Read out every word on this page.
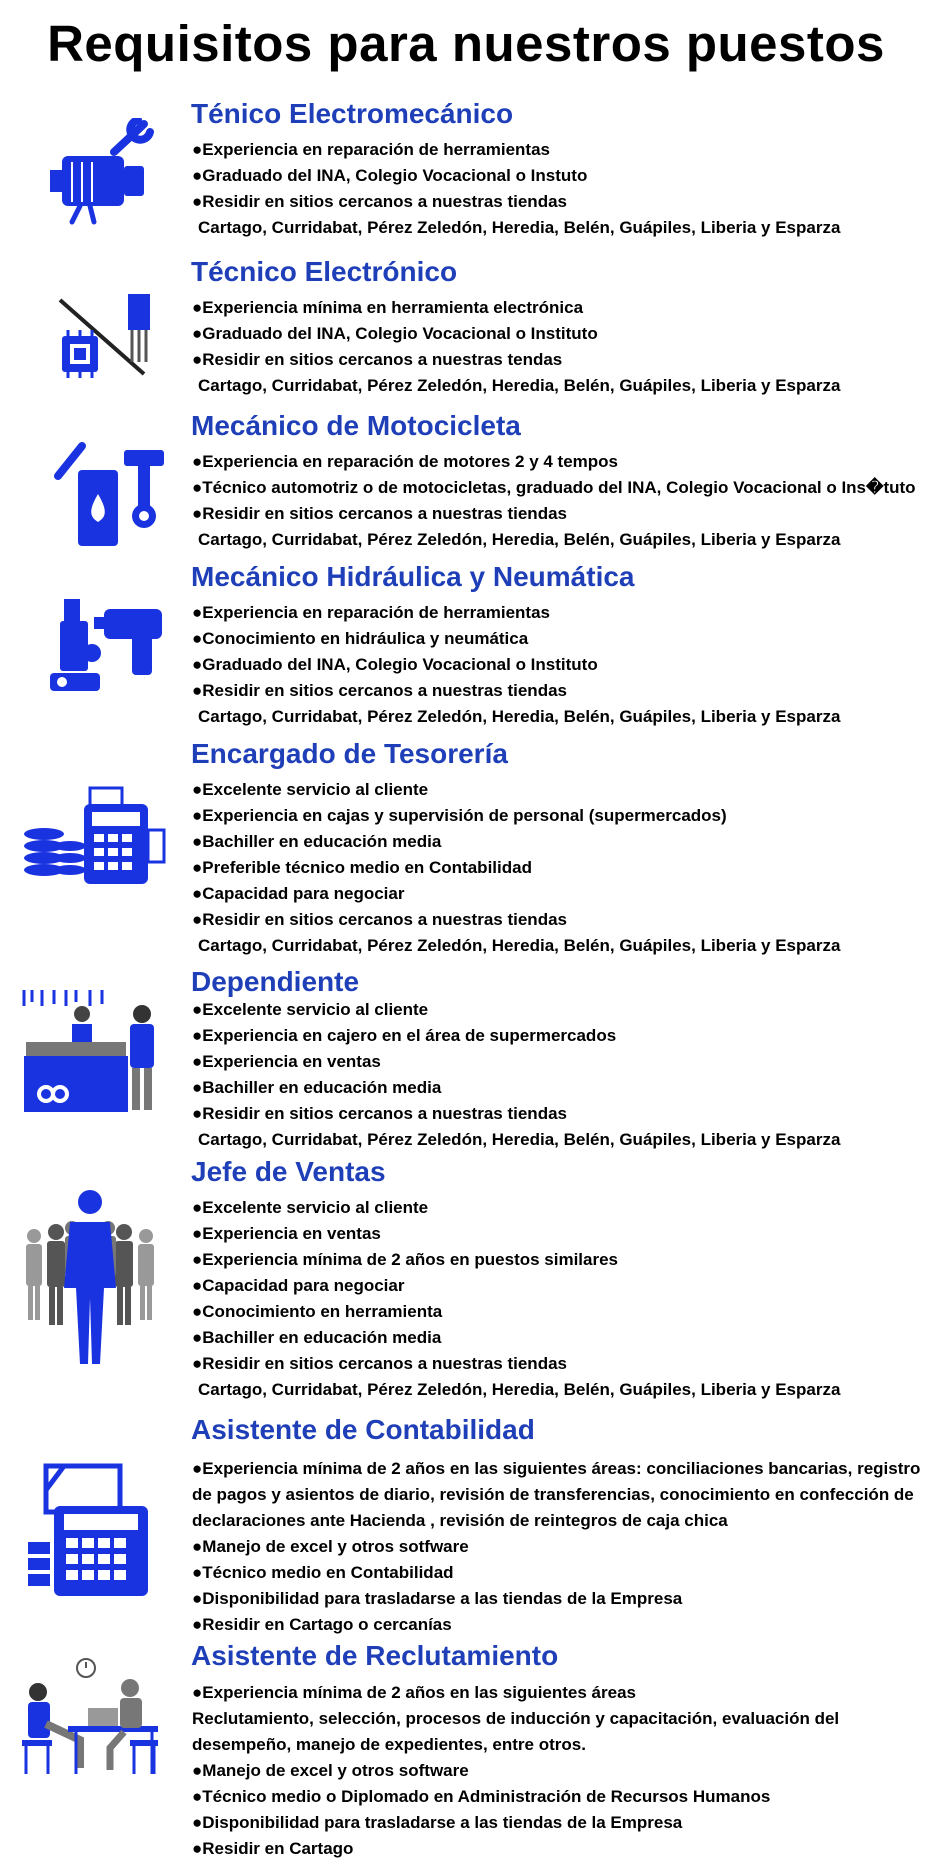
Requisitos para nuestros puestos
Ténico Electromecánico
●Experiencia en reparación de herramientas
●Graduado del INA, Colegio Vocacional o Instuto
●Residir en sitios cercanos a nuestras tiendas
Cartago, Curridabat, Pérez Zeledón, Heredia, Belén, Guápiles, Liberia y Esparza
Técnico Electrónico
●Experiencia mínima en herramienta electrónica
●Graduado del INA, Colegio Vocacional o Instituto
●Residir en sitios cercanos a nuestras tendas
Cartago, Curridabat, Pérez Zeledón, Heredia, Belén, Guápiles, Liberia y Esparza
Mecánico de Motocicleta
●Experiencia en reparación de motores 2 y 4 tempos
●Técnico automotriz o de motocicletas, graduado del INA, Colegio Vocacional o Ins�tuto
●Residir en sitios cercanos a nuestras tiendas
Cartago, Curridabat, Pérez Zeledón, Heredia, Belén, Guápiles, Liberia y Esparza
Mecánico Hidráulica y Neumática
●Experiencia en reparación de herramientas
●Conocimiento en hidráulica y neumática
●Graduado del INA, Colegio Vocacional o Instituto
●Residir en sitios cercanos a nuestras tiendas
Cartago, Curridabat, Pérez Zeledón, Heredia, Belén, Guápiles, Liberia y Esparza
Encargado de Tesorería
●Excelente servicio al cliente
●Experiencia en cajas y supervisión de personal (supermercados)
●Bachiller en educación media
●Preferible técnico medio en Contabilidad
●Capacidad para negociar
●Residir en sitios cercanos a nuestras tiendas
Cartago, Curridabat, Pérez Zeledón, Heredia, Belén, Guápiles, Liberia y Esparza
Dependiente
●Excelente servicio al cliente
●Experiencia en cajero en el área de supermercados
●Experiencia en ventas
●Bachiller en educación media
●Residir en sitios cercanos a nuestras tiendas
Cartago, Curridabat, Pérez Zeledón, Heredia, Belén, Guápiles, Liberia y Esparza
Jefe de Ventas
●Excelente servicio al cliente
●Experiencia en ventas
●Experiencia mínima de 2 años en puestos similares
●Capacidad para negociar
●Conocimiento en herramienta
●Bachiller en educación media
●Residir en sitios cercanos a nuestras tiendas
Cartago, Curridabat, Pérez Zeledón, Heredia, Belén, Guápiles, Liberia y Esparza
Asistente de Contabilidad
●Experiencia mínima de 2 años en las siguientes áreas: conciliaciones bancarias, registro de pagos y asientos de diario, revisión de transferencias, conocimiento en confección de declaraciones ante Hacienda , revisión de reintegros de caja chica
●Manejo de excel y otros sotfware
●Técnico medio en Contabilidad
●Disponibilidad para trasladarse a las tiendas de la Empresa
●Residir en Cartago o cercanías
Asistente de Reclutamiento
●Experiencia mínima de 2 años en las siguientes áreas
Reclutamiento, selección, procesos de inducción y capacitación, evaluación del desempeño, manejo de expedientes, entre otros.
●Manejo de excel y otros software
●Técnico medio o Diplomado en Administración de Recursos Humanos
●Disponibilidad para trasladarse a las tiendas de la Empresa
●Residir en Cartago
